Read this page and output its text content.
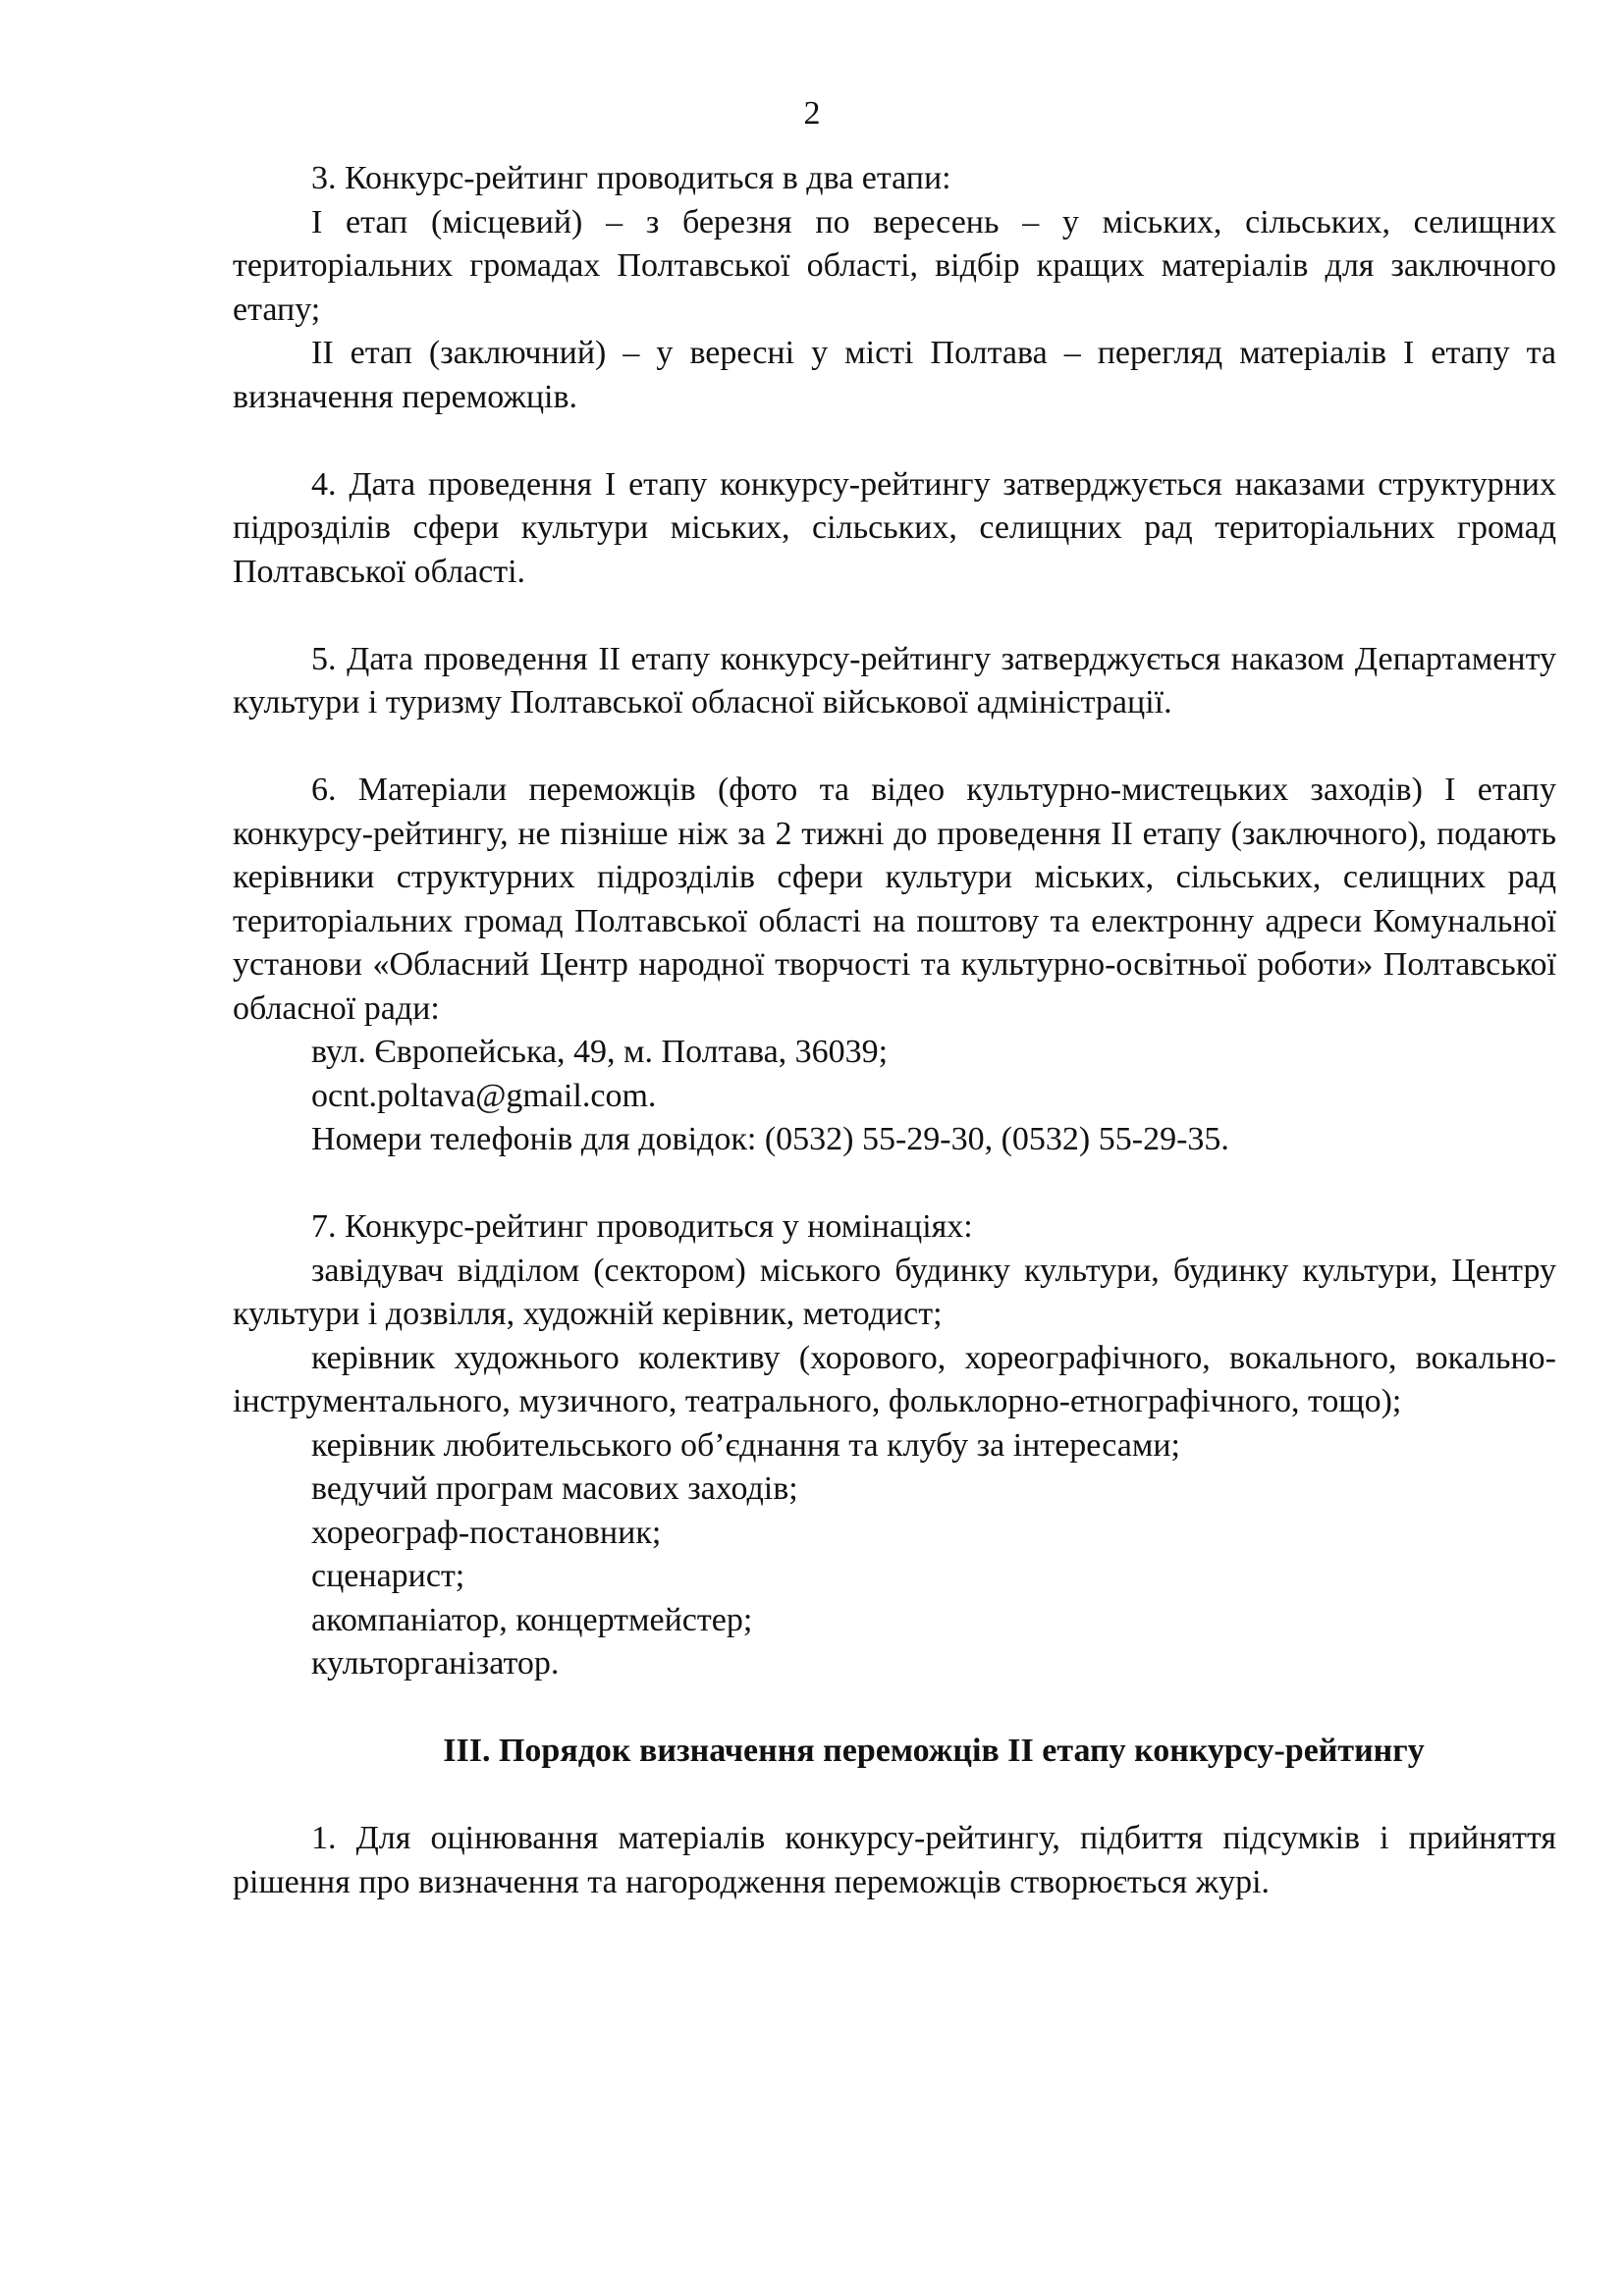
2

3. Конкурс-рейтинг проводиться в два етапи:

І етап (місцевий) – з березня по вересень – у міських, сільських, селищних територіальних громадах Полтавської області, відбір кращих матеріалів для заключного етапу;

ІІ етап (заключний) – у вересні у місті Полтава – перегляд матеріалів І етапу та визначення переможців.

4. Дата проведення І етапу конкурсу-рейтингу затверджується наказами структурних підрозділів сфери культури міських, сільських, селищних рад територіальних громад Полтавської області.

5. Дата проведення ІІ етапу конкурсу-рейтингу затверджується наказом Департаменту культури і туризму Полтавської обласної військової адміністрації.

6. Матеріали переможців (фото та відео культурно-мистецьких заходів) І етапу конкурсу-рейтингу, не пізніше ніж за 2 тижні до проведення ІІ етапу (заключного), подають керівники структурних підрозділів сфери культури міських, сільських, селищних рад територіальних громад Полтавської області на поштову та електронну адреси Комунальної установи «Обласний Центр народної творчості та культурно-освітньої роботи» Полтавської обласної ради:

вул. Європейська, 49, м. Полтава, 36039;

ocnt.poltava@gmail.com.

Номери телефонів для довідок: (0532) 55-29-30, (0532) 55-29-35.

7. Конкурс-рейтинг проводиться у номінаціях:

завідувач відділом (сектором) міського будинку культури, будинку культури, Центру культури і дозвілля, художній керівник, методист;

керівник художнього колективу (хорового, хореографічного, вокального, вокально-інструментального, музичного, театрального, фольклорно-етнографічного, тощо);

керівник любительського об’єднання та клубу за інтересами;

ведучий програм масових заходів;

хореограф-постановник;

сценарист;

акомпаніатор, концертмейстер;

культорганізатор.

ІІІ. Порядок визначення переможців ІІ етапу конкурсу-рейтингу

1. Для оцінювання матеріалів конкурсу-рейтингу, підбиття підсумків і прийняття рішення про визначення та нагородження переможців створюється журі.
